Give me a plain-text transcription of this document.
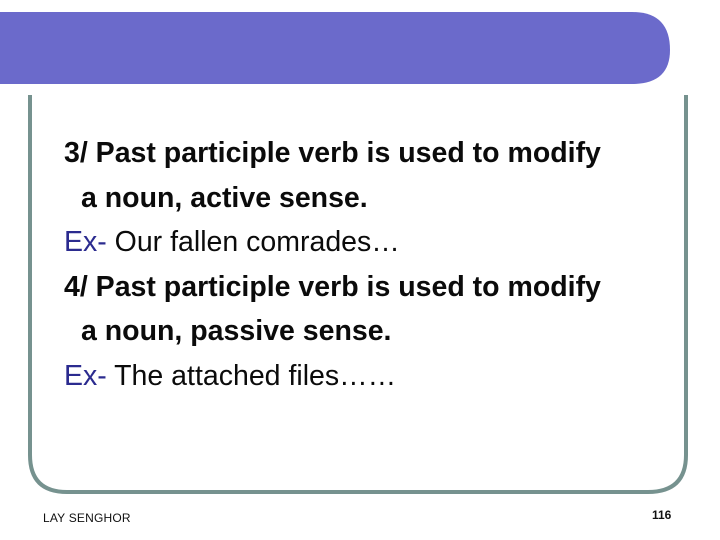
3/ Past participle verb is used to modify
a noun, active sense.
Ex- Our fallen comrades…
4/ Past participle verb is used to modify
a noun, passive sense.
Ex- The attached files……
LAY SENGHOR	116
